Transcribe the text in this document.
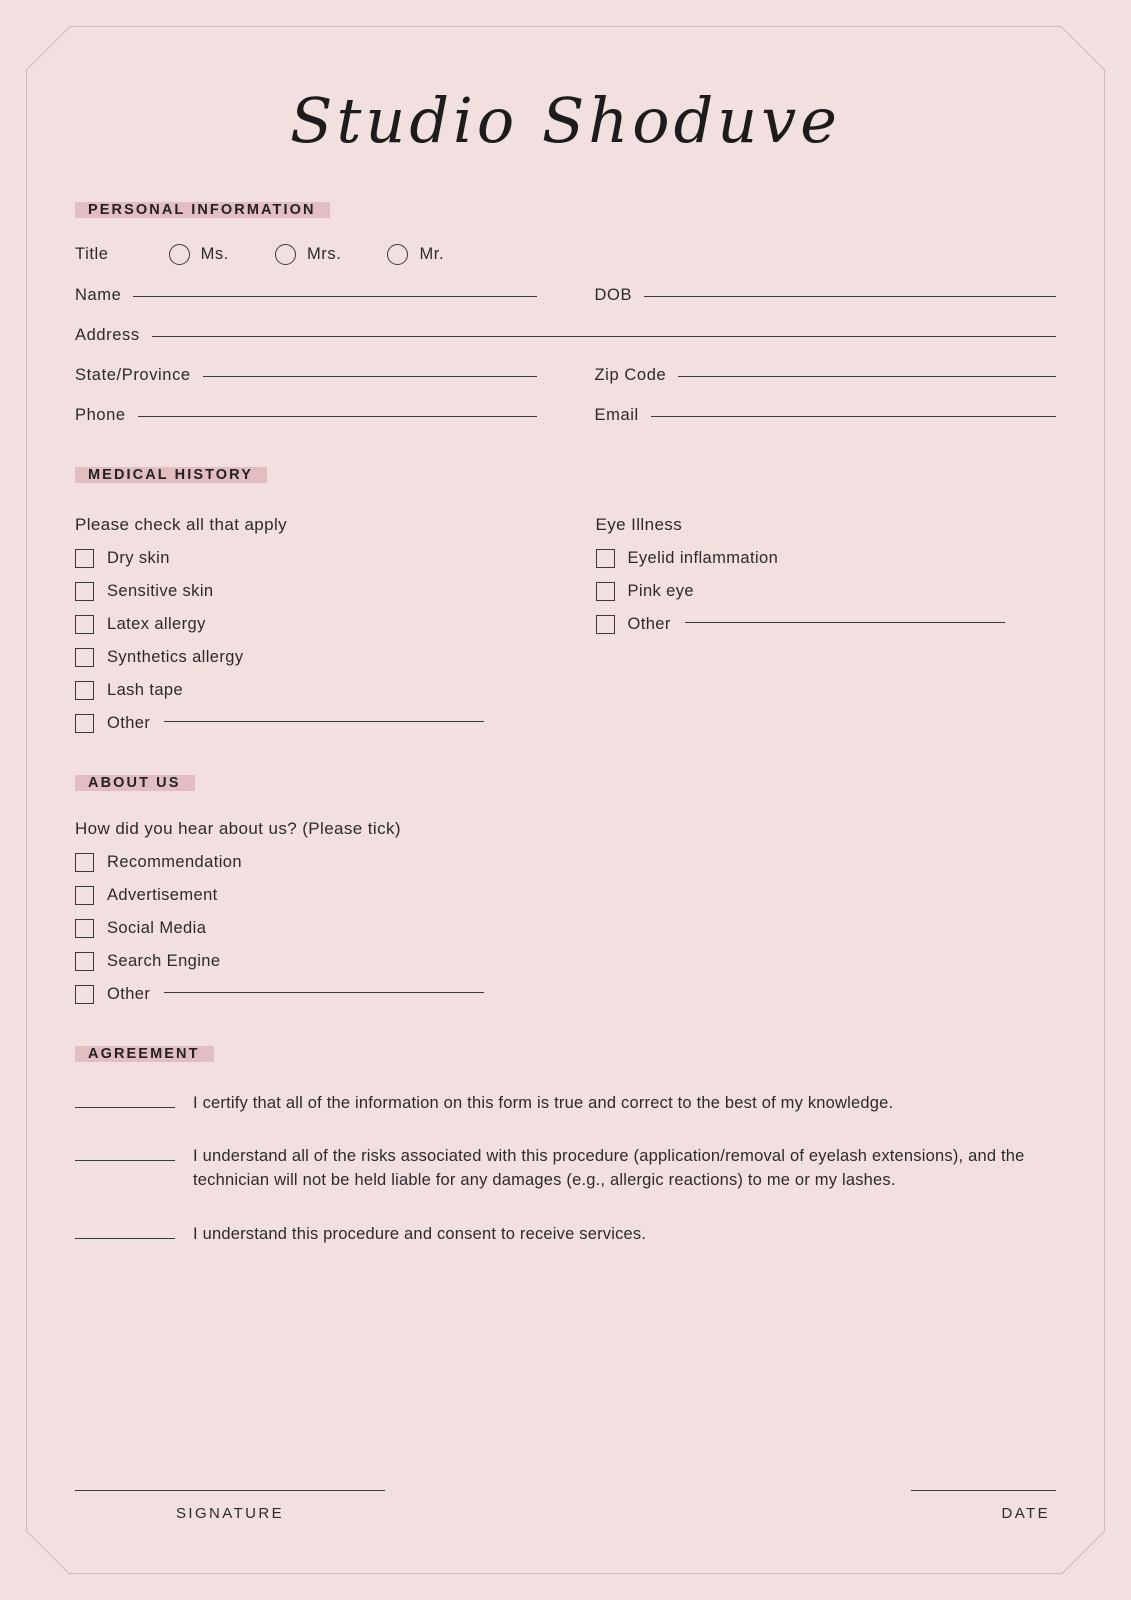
Studio Shoduve
PERSONAL INFORMATION
Title	Ms.	Mrs.	Mr.
Name	DOB
Address
State/Province	Zip Code
Phone	Email
MEDICAL HISTORY
Please check all that apply
Dry skin
Sensitive skin
Latex allergy
Synthetics allergy
Lash tape
Other
Eye Illness
Eyelid inflammation
Pink eye
Other
ABOUT US
How did you hear about us? (Please tick)
Recommendation
Advertisement
Social Media
Search Engine
Other
AGREEMENT
I certify that all of the information on this form is true and correct to the best of my knowledge.
I understand all of the risks associated with this procedure (application/removal of eyelash extensions), and the technician will not be held liable for any damages (e.g., allergic reactions) to me or my lashes.
I understand this procedure and consent to receive services.
SIGNATURE	DATE
